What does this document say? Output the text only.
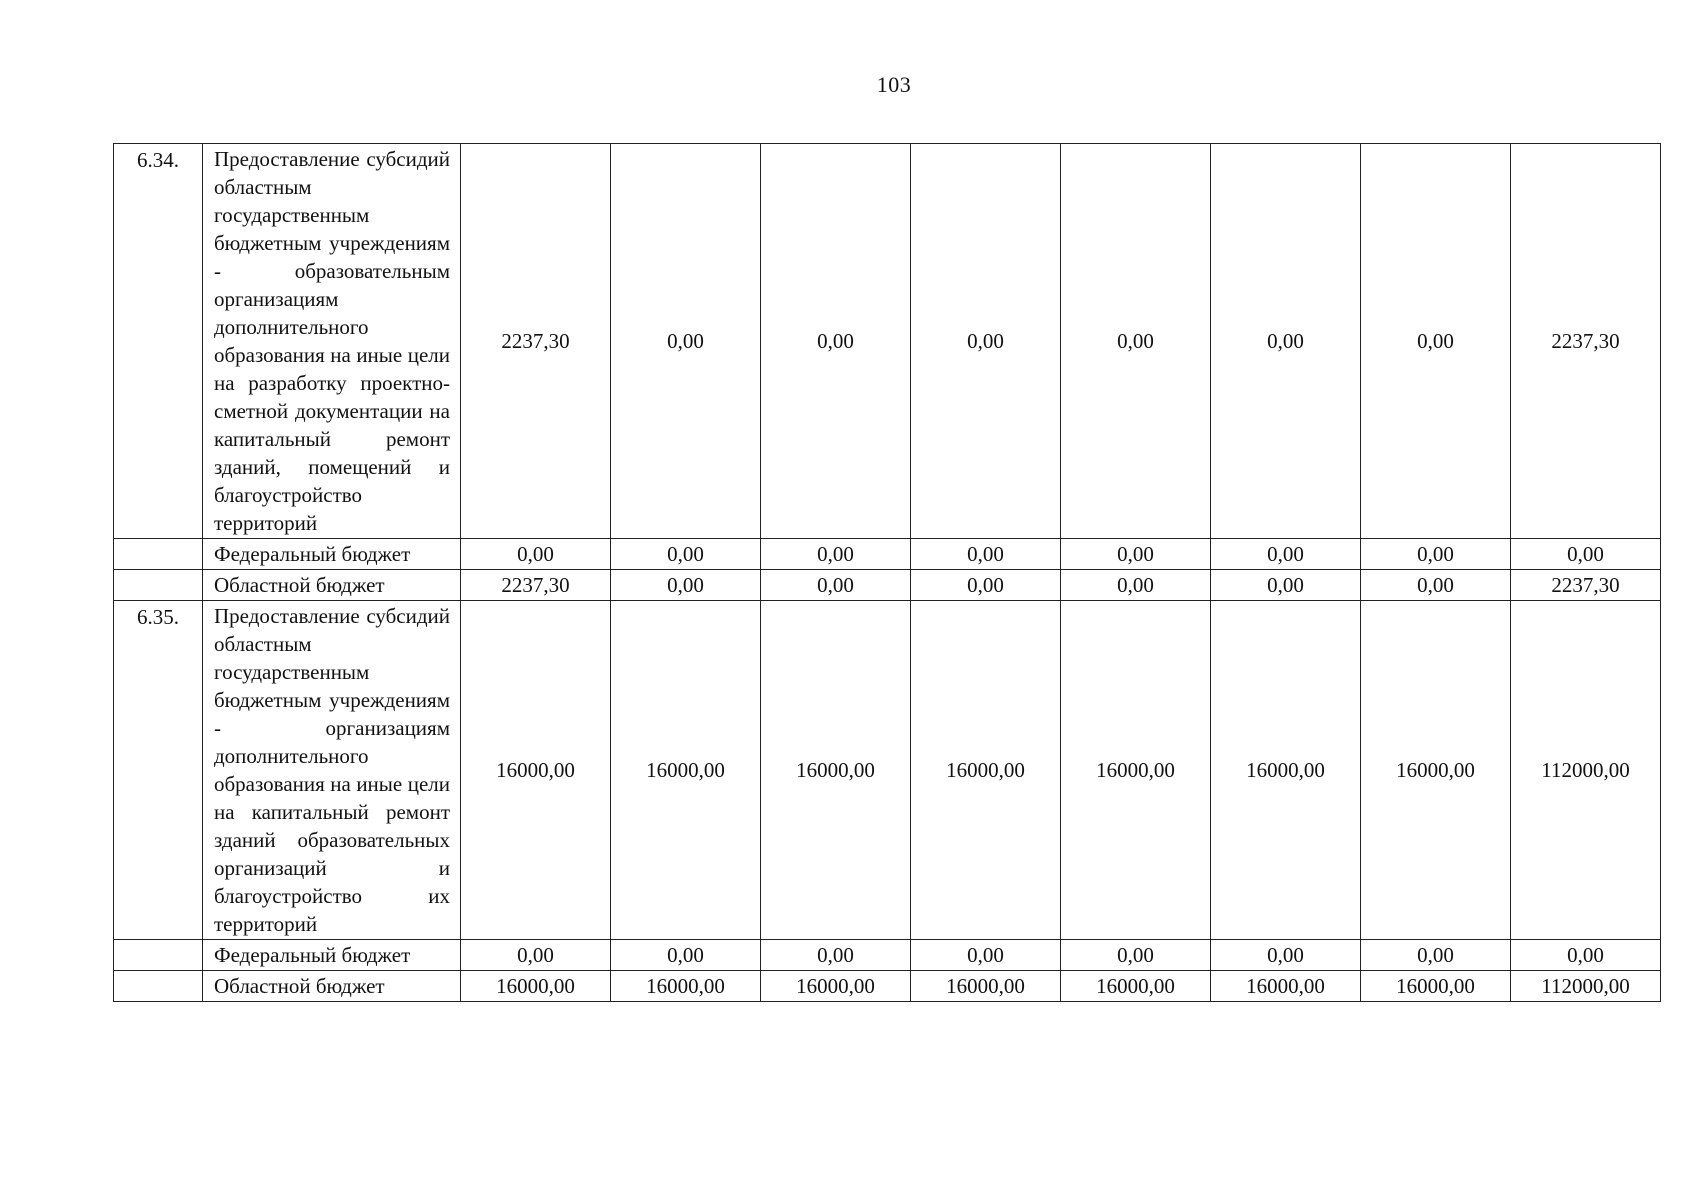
103
6.34.	Предоставление субсидий областным государственным бюджетным учреждениям - образовательным организациям дополнительного образования на иные цели на разработку проектно-сметной документации на капитальный ремонт зданий, помещений и благоустройство территорий	2237,30	0,00	0,00	0,00	0,00	0,00	0,00	2237,30
	Федеральный бюджет	0,00	0,00	0,00	0,00	0,00	0,00	0,00	0,00
	Областной бюджет	2237,30	0,00	0,00	0,00	0,00	0,00	0,00	2237,30
6.35.	Предоставление субсидий областным государственным бюджетным учреждениям - организациям дополнительного образования на иные цели на капитальный ремонт зданий образовательных организаций и благоустройство их территорий	16000,00	16000,00	16000,00	16000,00	16000,00	16000,00	16000,00	112000,00
	Федеральный бюджет	0,00	0,00	0,00	0,00	0,00	0,00	0,00	0,00
	Областной бюджет	16000,00	16000,00	16000,00	16000,00	16000,00	16000,00	16000,00	112000,00
